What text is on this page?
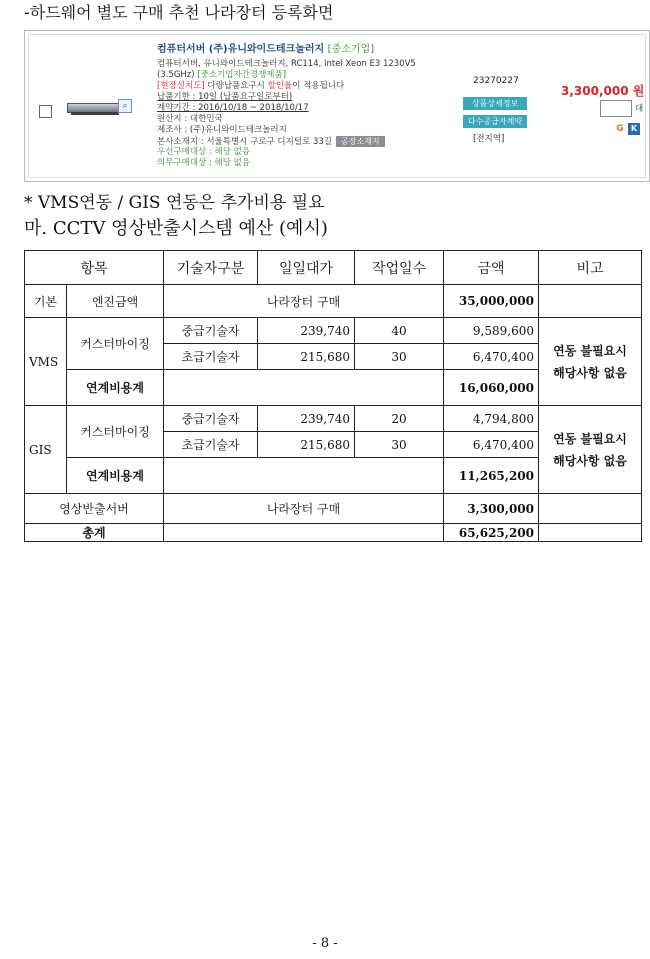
-하드웨어 별도 구매 추천 나라장터 등록화면
⌕
컴퓨터서버 (주)유니와이드테크놀러지 [중소기업]
컴퓨터서버, 유니와이드테크놀러지, RC114, Intel Xeon E3 1230V5
(3.5GHz) [중소기업자간경쟁제품]
[현장설치도] 다량납품요구시 할인율이 적용됩니다
납품기한 : 10일 (납품요구일로부터)
계약기간 : 2016/10/18 ~ 2018/10/17
원산지 : 대한민국
제조사 : (주)유니와이드테크놀러지
본사소재지 : 서울특별시 구로구 디지털로 33길 공장소재지
우선구매대상 : 해당 없음
의무구매대상 : 해당 없음
23270227
상품상세정보
다수공급자계약
[전지역]
3,300,000 원
대
G K
* VMS연동 / GIS 연동은 추가비용 필요
마. CCTV 영상반출시스템 예산 (예시)
항목		기술자구분	일일대가	작업일수	금액	비고
기본	엔진금액	나라장터 구매			35,000,000	
VMS	커스터마이징	중급기술자	239,740	40	9,589,600	연동 불필요시
해당사항 없음

		초급기술자	215,680	30	6,470,400	
	연계비용계				16,060,000	
GIS	커스터마이징	중급기술자	239,740	20	4,794,800	연동 불필요시
해당사항 없음

		초급기술자	215,680	30	6,470,400	
	연계비용계				11,265,200	
영상반출서버		나라장터 구매			3,300,000	
총계					65,625,200	
- 8 -
